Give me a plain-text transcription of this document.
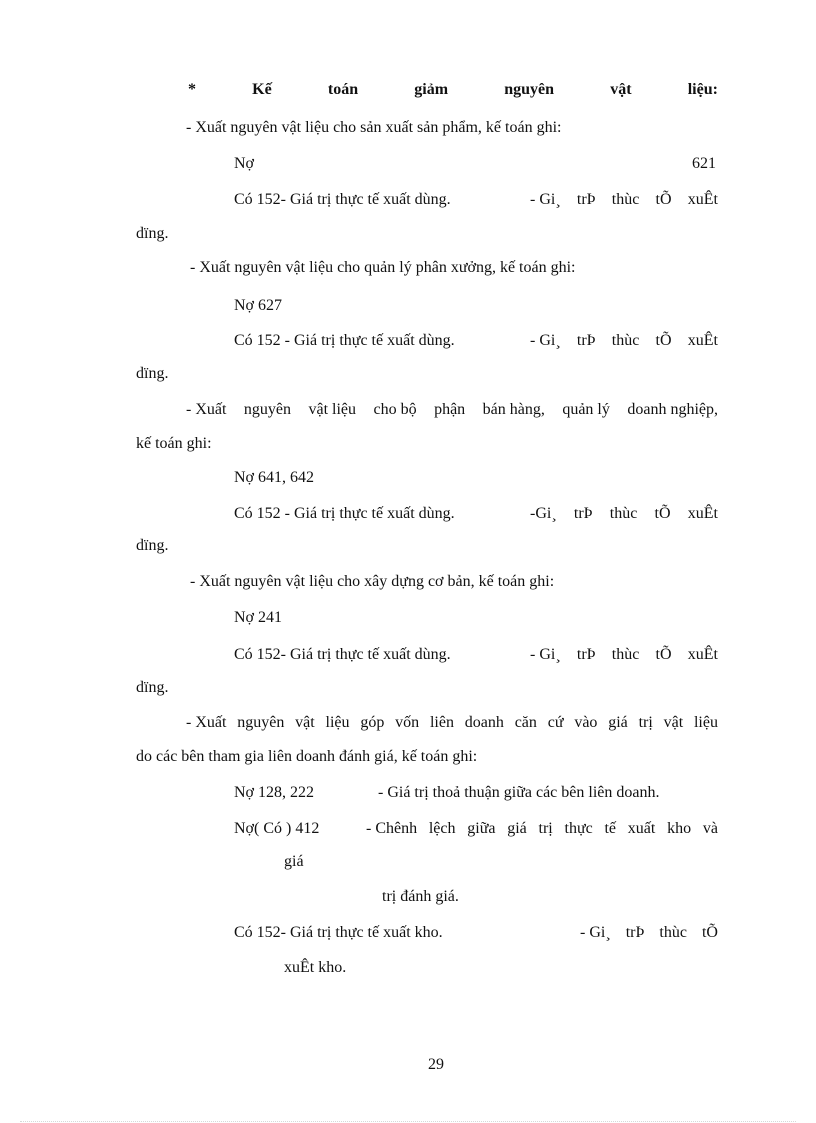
*	Kế	toán	giảm	nguyên	vật	liệu:
- Xuất nguyên vật liệu cho sản xuất sản phẩm, kế toán ghi:
Nợ	621
Có 152- Giá trị thực tế xuất dùng.	- Gi¸ trÞ thùc tÕ xuÊt
dïng.
- Xuất nguyên vật liệu cho quản lý phân xưởng, kế toán ghi:
Nợ 627
Có 152 - Giá trị thực tế xuất dùng.	- Gi¸ trÞ thùc tÕ xuÊt
dïng.
- Xuất nguyên vật liệu cho bộ phận bán hàng, quản lý doanh nghiệp,
kế toán ghi:
Nợ 641, 642
Có 152 - Giá trị thực tế xuất dùng.	-Gi¸ trÞ thùc tÕ xuÊt
dïng.
- Xuất nguyên vật liệu cho xây dựng cơ bản, kế toán ghi:
Nợ 241
Có 152- Giá trị thực tế xuất dùng.	- Gi¸ trÞ thùc tÕ xuÊt
dïng.
- Xuất nguyên vật liệu góp vốn liên doanh căn cứ vào giá trị vật liệu
do các bên tham gia liên doanh đánh giá, kế toán ghi:
Nợ 128, 222	- Giá trị thoả thuận giữa các bên liên doanh.
Nợ( Có ) 412	- Chênh lệch giữa giá trị thực tế xuất kho và
giá
trị đánh giá.
Có 152- Giá trị thực tế xuất kho.	- Gi¸ trÞ thùc tÕ
xuÊt kho.
29
